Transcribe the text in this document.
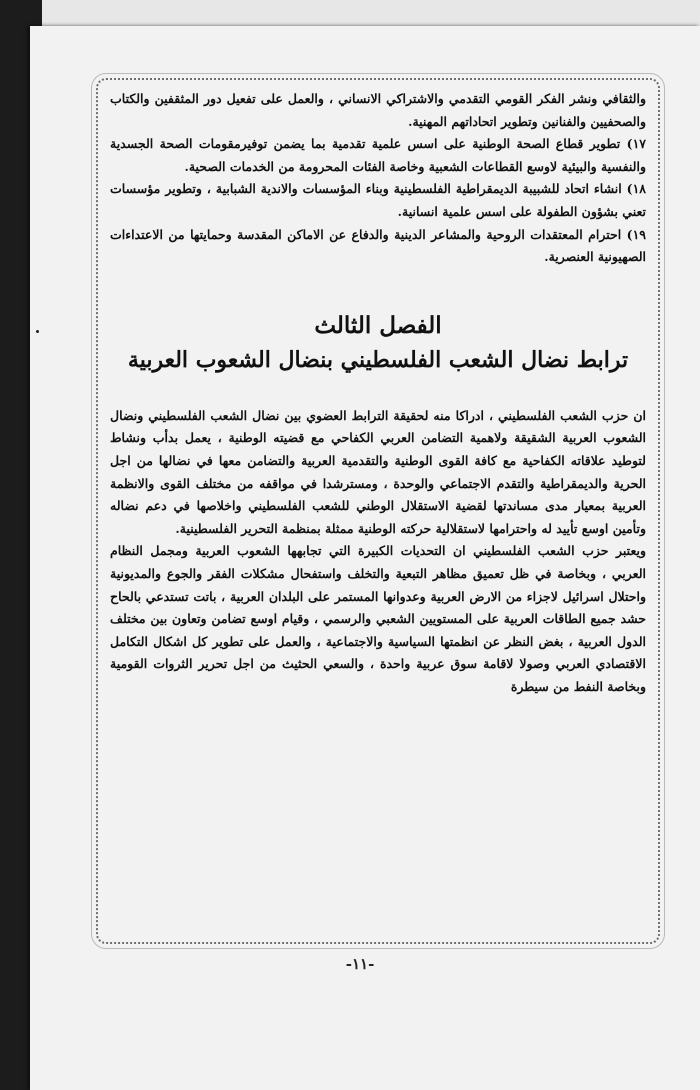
والثقافي ونشر الفكر القومي التقدمي والاشتراكي الانساني ، والعمل على تفعيل دور المثقفين والكتاب والصحفيين والفنانين وتطوير اتحاداتهم المهنية.

١٧) تطوير قطاع الصحة الوطنية على اسس علمية تقدمية بما يضمن توفيرمقومات الصحة الجسدية والنفسية والبيئية لاوسع القطاعات الشعبية وخاصة الفئات المحرومة من الخدمات الصحية.

١٨) انشاء اتحاد للشبيبة الديمقراطية الفلسطينية وبناء المؤسسات والاندية الشبابية ، وتطوير مؤسسات تعني بشؤون الطفولة على اسس علمية انسانية.

١٩) احترام المعتقدات الروحية والمشاعر الدينية والدفاع عن الاماكن المقدسة وحمايتها من الاعتداءات الصهيونية العنصرية.

الفصل الثالث
ترابط نضال الشعب الفلسطيني بنضال الشعوب العربية

ان حزب الشعب الفلسطيني ، ادراكا منه لحقيقة الترابط العضوي بين نضال الشعب الفلسطيني ونضال الشعوب العربية الشقيقة ولاهمية التضامن العربي الكفاحي مع قضيته الوطنية ، يعمل بدأب ونشاط لتوطيد علاقاته الكفاحية مع كافة القوى الوطنية والتقدمية العربية والتضامن معها في نضالها من اجل الحرية والديمقراطية والتقدم الاجتماعي والوحدة ، ومسترشدا في مواقفه من مختلف القوى والانظمة العربية بمعيار مدى مساندتها لقضية الاستقلال الوطني للشعب الفلسطيني واخلاصها في دعم نضاله وتأمين اوسع تأييد له واحترامها لاستقلالية حركته الوطنية ممثلة بمنظمة التحرير الفلسطينية.

ويعتبر حزب الشعب الفلسطيني ان التحديات الكبيرة التي تجابهها الشعوب العربية ومجمل النظام العربي ، وبخاصة في ظل تعميق مظاهر التبعية والتخلف واستفحال مشكلات الفقر والجوع والمديونية واحتلال اسرائيل لاجزاء من الارض العربية وعدوانها المستمر على البلدان العربية ، باتت تستدعي بالحاح حشد جميع الطاقات العربية على المستويين الشعبي والرسمي ، وقيام اوسع تضامن وتعاون بين مختلف الدول العربية ، بغض النظر عن انظمتها السياسية والاجتماعية ، والعمل على تطوير كل اشكال التكامل الاقتصادي العربي وصولا لاقامة سوق عربية واحدة ، والسعي الحثيث من اجل تحرير الثروات القومية وبخاصة النفط من سيطرة

-١١-
